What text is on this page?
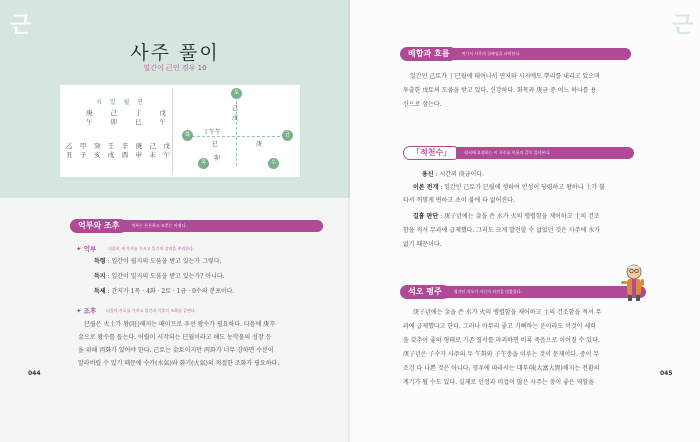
근	근
사주 풀이
일간이 己인 경우 10
시 일 월 연
庚	己	丁	戊
午	卯	巳	午
乙 甲 癸 壬 辛 庚 己 戊
丑 子 亥 戌 酉 申 未 午
토
己
戊
화	丁午午
巳
금
庚
목
卯
수
억부와 조후	억부는 튼튼하고 조후는 아쉽다.
✦ 억부	더울의 세 가지를 가지고 일간의 강약을 추리한다.
득령 : 일간이 월지의 도움을 받고 있는가 그렇다.
득지 : 일간이 일지의 도움을 받고 있는가? 아니다.
득세 : 간지가 1목 · 4화 · 2토 · 1금 · 0수의 분포이다.
✦ 조후 더울의 사로를 가지고 일간과 기후의 조화를 살핀다.
巳월은 火土가 왕(旺)해지는 때이므로 우선 왕수가 필요하다. 다음에 庚辛
金으로 왕수를 돕는다. 어릴이 시작되는 巳월이라고 해도 농작물의 성장 등
을 위해 丙화가 있어야 한다. 己토는 金토이지만 丙화가 너무 강하면 수분이
말라버릴 수 있기 때문에 수가(水氣)와 화기(火氣)의 적절한 조화가 필요하다.
044
배합과 흐름	여기서 사주의 집짜임을 파악한다.
일간인 己토가 丁巳월에 태어나서 연지와 시지에도 뿌리를 내리고 있으며
투출한 戊토의 도움을 받고 있다. 신강하다. 화목과 庚금 중 어느 하나를 용
신으로 삼는다.
「적천수」	원서에 요점하는 이 사주를 이용의 같이 풀어본다.
용신 : 시간의 庚금이다.
이론 전개 : 일간인 己토가 巳월에 생하여 인성이 당령하고 왕하니 土가 불
타서 꺼멓게 변하고 초이 불에 타 없어진다.
길흉 판단 : 庚子년에는 金을 쓴 水가 火의 맹렬함을 제어하고 土의 건조
함을 적셔 무과에 급제했다. 그러도 크게 발전할 수 없었던 것은 사주에 水가
없기 때문이다.
석오 평주	평가인 석오가 자신의 의견을 덧붙였다.
庚子년에는 金을 쓴 水가 火의 맹렬함을 제어하고 土의 건조함을 적셔 무
과에 급제했다고 한다. 그러나 아무리 좋고 기뻐하는 운이라도 이것이 세력
을 갖추어 좋의 형태로 기존 질서를 파괴하면 비록 죽음으로 이어질 수 있다.
庚子년은 子수가 사주의 두 午화와 子午충을 이루는 것이 문제이다. 중이 무
조건 다 나쁜 것은 아니다. 경우에 따라서는 대부대(大富大貴)해지는 전환의
계기가 될 수도 있다. 실제로 인성과 비겁이 많은 사주는 충이 좋은 역할을
045
